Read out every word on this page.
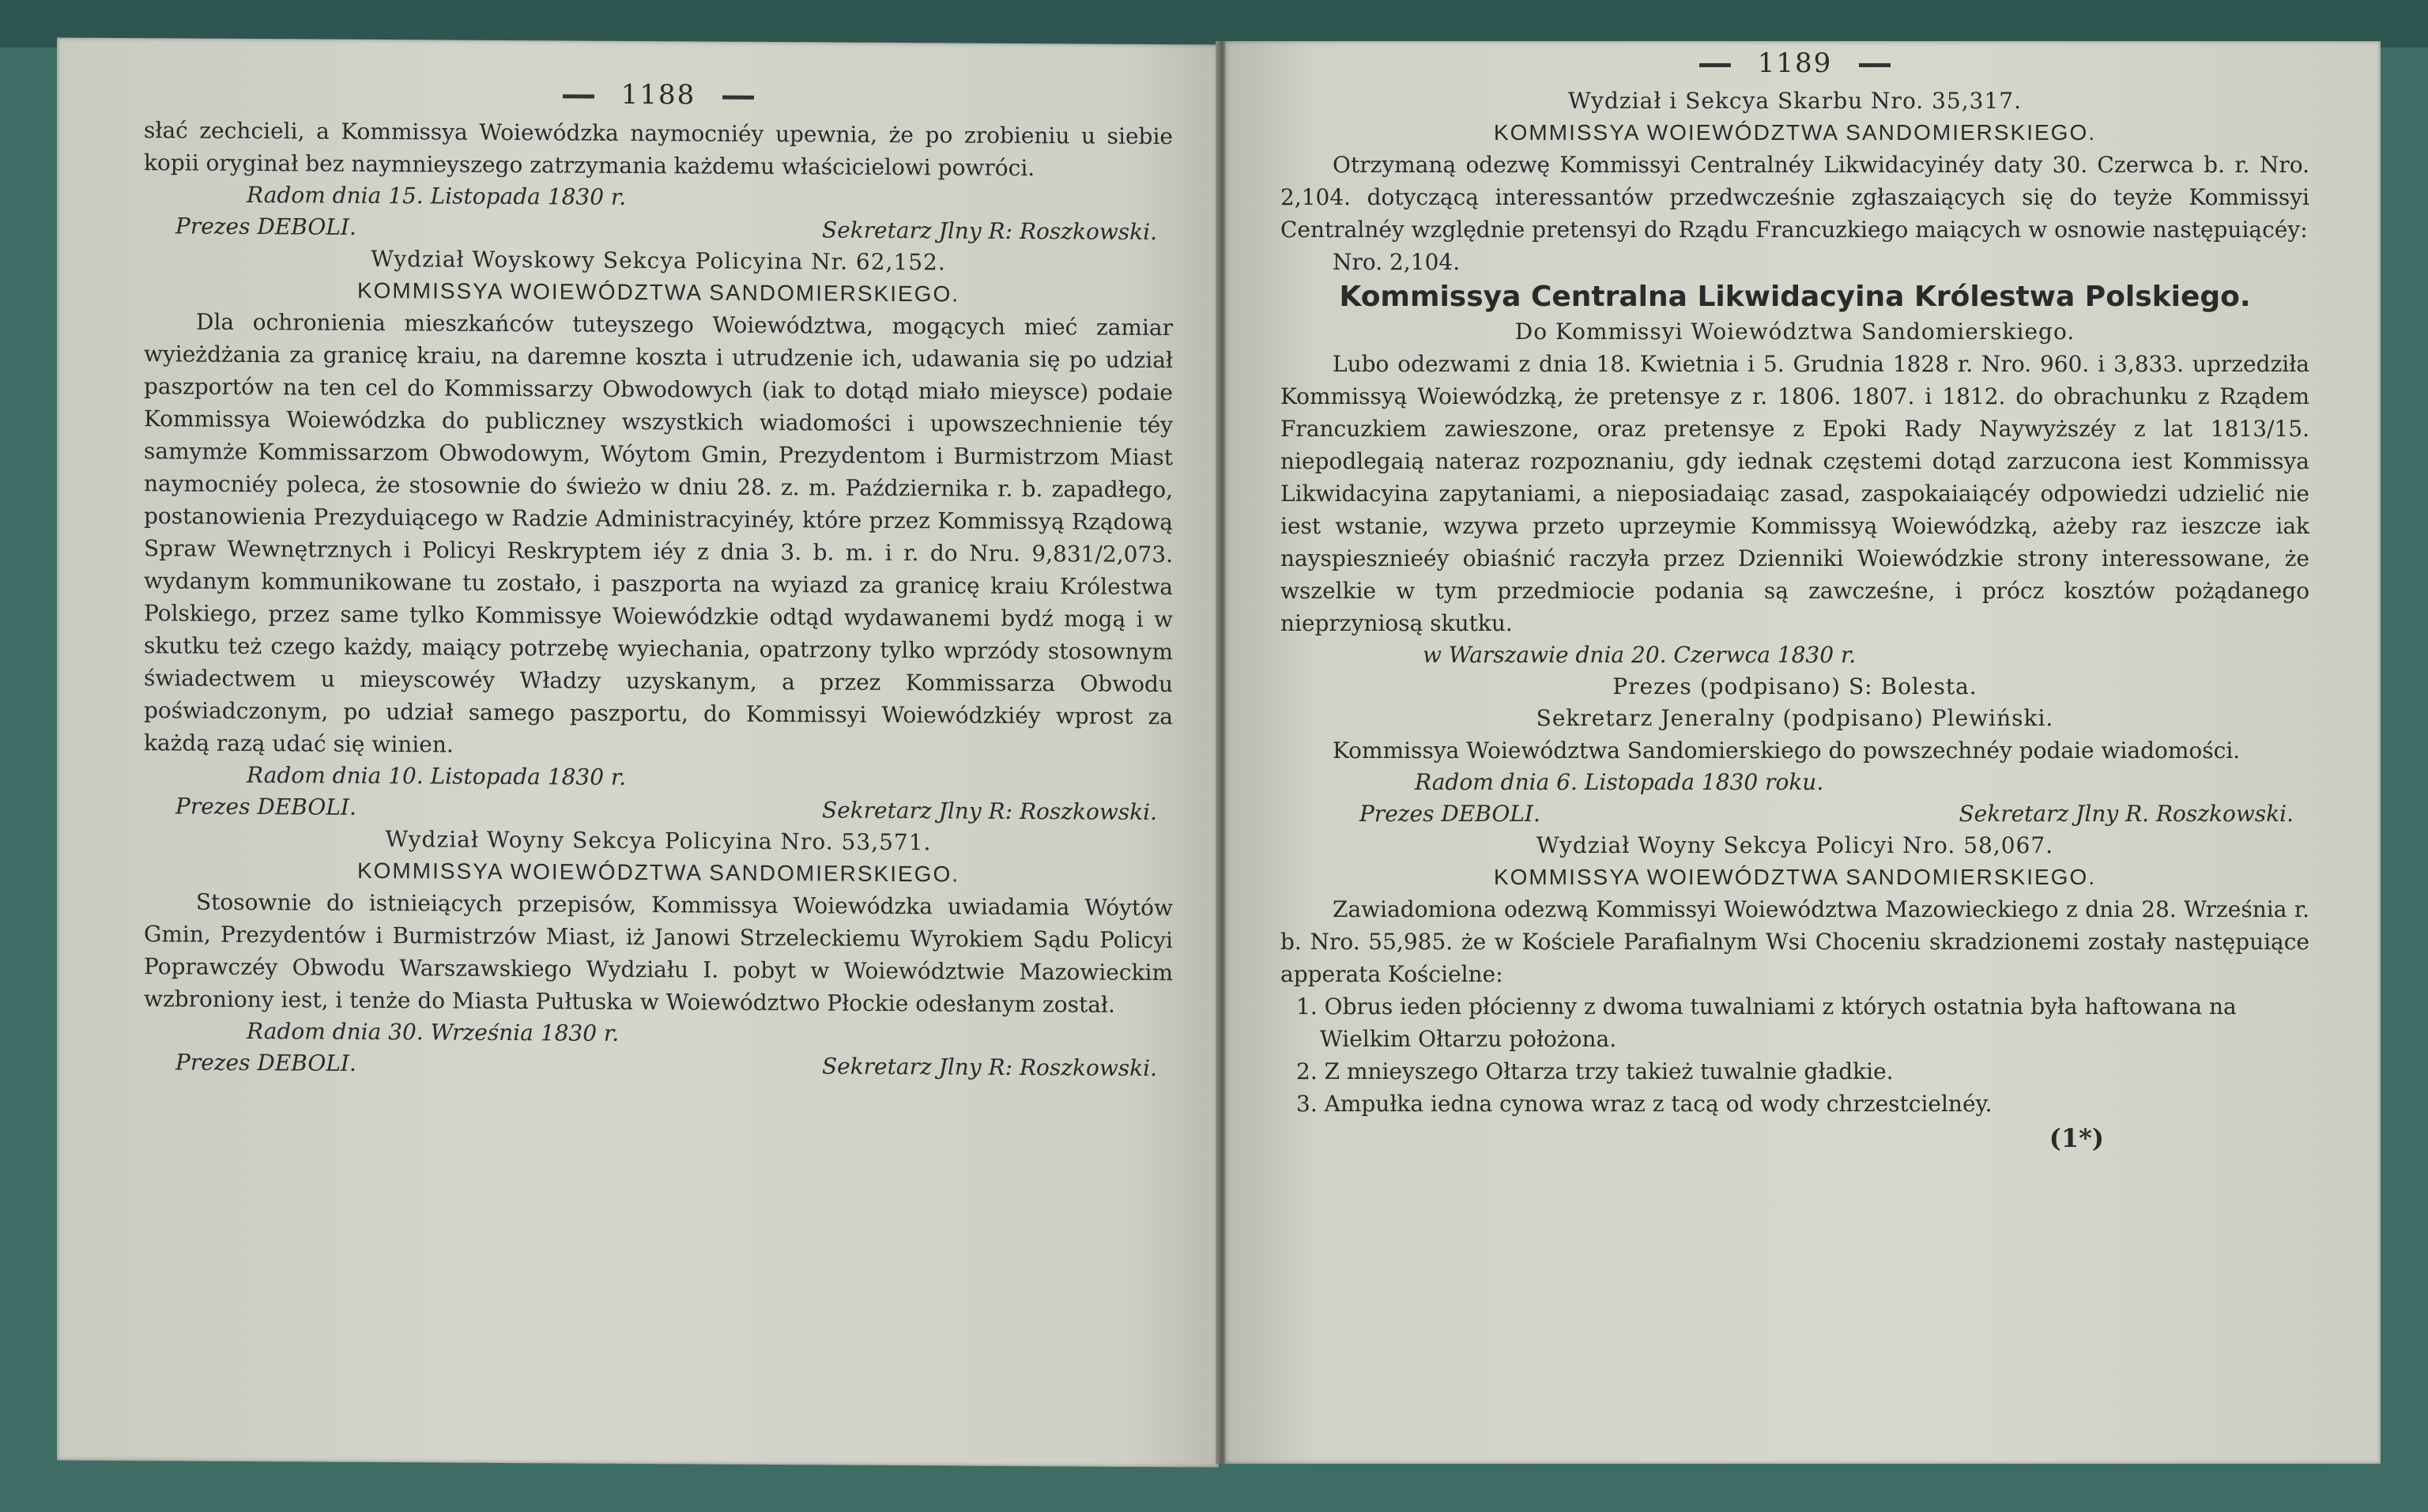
1188

słać zechcieli, a Kommissya Woiewódzka naymocniéy upewnia, że po zrobieniu u siebie kopii oryginał bez naymnieyszego zatrzymania każdemu właścicielowi powróci.

Radom dnia 15. Listopada 1830 r.
Prezes DEBOLI.	Sekretarz Jlny R: Roszkowski.
Wydział Woyskowy Sekcya Policyina Nr. 62,152.
KOMMISSYA WOIEWÓDZTWA SANDOMIERSKIEGO.

Dla ochronienia mieszkańców tuteyszego Woiewództwa, mogących mieć zamiar wyieżdżania za granicę kraiu, na daremne koszta i utrudzenie ich, udawania się po udział paszportów na ten cel do Kommissarzy Obwodowych (iak to dotąd miało mieysce) podaie Kommissya Woiewódzka do publiczney wszystkich wiadomości i upowszechnienie téy samymże Kommissarzom Obwodowym, Wóytom Gmin, Prezydentom i Burmistrzom Miast naymocniéy poleca, że stosownie do świeżo w dniu 28. z. m. Października r. b. zapadłego, postanowienia Prezyduiącego w Radzie Administracyinéy, które przez Kommissyą Rządową Spraw Wewnętrznych i Policyi Reskryptem iéy z dnia 3. b. m. i r. do Nru. 9,831/2,073. wydanym kommunikowane tu zostało, i paszporta na wyiazd za granicę kraiu Królestwa Polskiego, przez same tylko Kommissye Woiewódzkie odtąd wydawanemi bydź mogą i w skutku też czego każdy, maiący potrzebę wyiechania, opatrzony tylko wprzódy stosownym świadectwem u mieyscowéy Władzy uzyskanym, a przez Kommissarza Obwodu poświadczonym, po udział samego paszportu, do Kommissyi Woiewódzkiéy wprost za każdą razą udać się winien.

Radom dnia 10. Listopada 1830 r.
Prezes DEBOLI.	Sekretarz Jlny R: Roszkowski.
Wydział Woyny Sekcya Policyina Nro. 53,571.
KOMMISSYA WOIEWÓDZTWA SANDOMIERSKIEGO.

Stosownie do istnieiących przepisów, Kommissya Woiewódzka uwiadamia Wóytów Gmin, Prezydentów i Burmistrzów Miast, iż Janowi Strzeleckiemu Wyrokiem Sądu Policyi Poprawczéy Obwodu Warszawskiego Wydziału I. pobyt w Woiewództwie Mazowieckim wzbroniony iest, i tenże do Miasta Pułtuska w Woiewództwo Płockie odesłanym został.

Radom dnia 30. Września 1830 r.
Prezes DEBOLI.	Sekretarz Jlny R: Roszkowski.
1189
Wydział i Sekcya Skarbu Nro. 35,317.
KOMMISSYA WOIEWÓDZTWA SANDOMIERSKIEGO.

Otrzymaną odezwę Kommissyi Centralnéy Likwidacyinéy daty 30. Czerwca b. r. Nro. 2,104. dotyczącą interessantów przedwcześnie zgłaszaiących się do teyże Kommissyi Centralnéy względnie pretensyi do Rządu Francuzkiego maiących w osnowie następuiącéy:

Nro. 2,104.

Kommissya Centralna Likwidacyina Królestwa Polskiego.
Do Kommissyi Woiewództwa Sandomierskiego.

Lubo odezwami z dnia 18. Kwietnia i 5. Grudnia 1828 r. Nro. 960. i 3,833. uprzedziła Kommissyą Woiewódzką, że pretensye z r. 1806. 1807. i 1812. do obrachunku z Rządem Francuzkiem zawieszone, oraz pretensye z Epoki Rady Naywyższéy z lat 1813/15. niepodlegaią nateraz rozpoznaniu, gdy iednak częstemi dotąd zarzucona iest Kommissya Likwidacyina zapytaniami, a nieposiadaiąc zasad, zaspokaiaiącéy odpowiedzi udzielić nie iest wstanie, wzywa przeto uprzeymie Kommissyą Woiewódzką, ażeby raz ieszcze iak nayspiesznieéy obiaśnić raczyła przez Dzienniki Woiewódzkie strony interessowane, że wszelkie w tym przedmiocie podania są zawcześne, i prócz kosztów pożądanego nieprzyniosą skutku.

w Warszawie dnia 20. Czerwca 1830 r.
Prezes (podpisano) S: Bolesta.
Sekretarz Jeneralny (podpisano) Plewiński.

Kommissya Woiewództwa Sandomierskiego do powszechnéy podaie wiadomości.

Radom dnia 6. Listopada 1830 roku.
Prezes DEBOLI.	Sekretarz Jlny R. Roszkowski.
Wydział Woyny Sekcya Policyi Nro. 58,067.
KOMMISSYA WOIEWÓDZTWA SANDOMIERSKIEGO.

Zawiadomiona odezwą Kommissyi Woiewództwa Mazowieckiego z dnia 28. Września r. b. Nro. 55,985. że w Kościele Parafialnym Wsi Choceniu skradzionemi zostały następuiące apperata Kościelne:

1. Obrus ieden płócienny z dwoma tuwalniami z których ostatnia była haftowana na Wielkim Ołtarzu położona.
2. Z mnieyszego Ołtarza trzy takież tuwalnie gładkie.
3. Ampułka iedna cynowa wraz z tacą od wody chrzestcielnéy.
(1*)
